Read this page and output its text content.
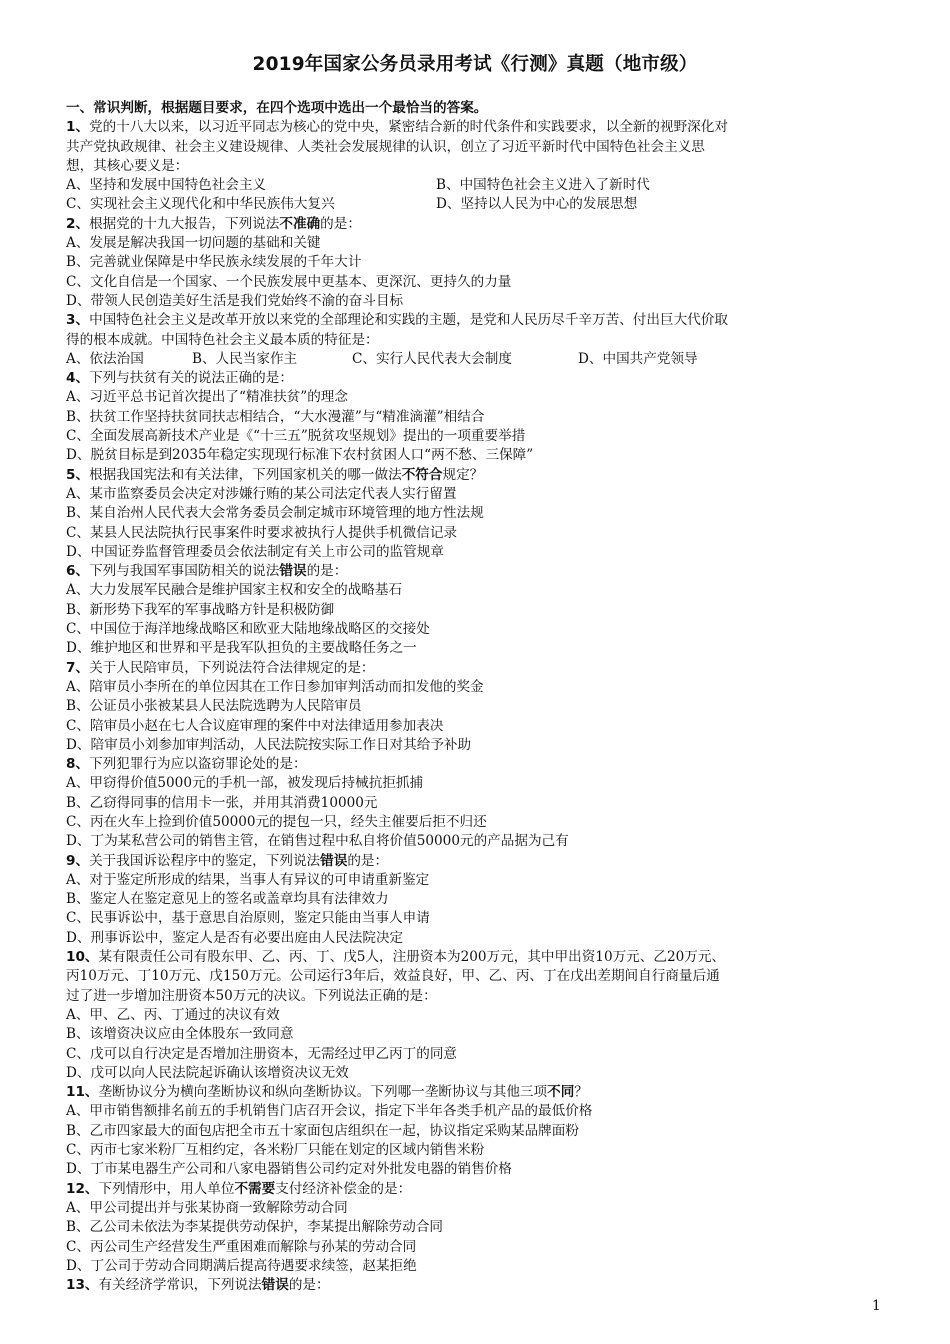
2019年国家公务员录用考试《行测》真题（地市级）
一、常识判断，根据题目要求，在四个选项中选出一个最恰当的答案。
1、党的十八大以来，以习近平同志为核心的党中央，紧密结合新的时代条件和实践要求，以全新的视野深化对
共产党执政规律、社会主义建设规律、人类社会发展规律的认识，创立了习近平新时代中国特色社会主义思
想，其核心要义是：
A、坚持和发展中国特色社会主义	B、中国特色社会主义进入了新时代
C、实现社会主义现代化和中华民族伟大复兴	D、坚持以人民为中心的发展思想
2、根据党的十九大报告，下列说法不准确的是：
A、发展是解决我国一切问题的基础和关键
B、完善就业保障是中华民族永续发展的千年大计
C、文化自信是一个国家、一个民族发展中更基本、更深沉、更持久的力量
D、带领人民创造美好生活是我们党始终不渝的奋斗目标
3、中国特色社会主义是改革开放以来党的全部理论和实践的主题，是党和人民历尽千辛万苦、付出巨大代价取
得的根本成就。中国特色社会主义最本质的特征是：
A、依法治国	B、人民当家作主	C、实行人民代表大会制度	D、中国共产党领导
4、下列与扶贫有关的说法正确的是：
A、习近平总书记首次提出了“精准扶贫”的理念
B、扶贫工作坚持扶贫同扶志相结合，“大水漫灌”与“精准滴灌”相结合
C、全面发展高新技术产业是《“十三五”脱贫攻坚规划》提出的一项重要举措
D、脱贫目标是到2035年稳定实现现行标准下农村贫困人口“两不愁、三保障”
5、根据我国宪法和有关法律，下列国家机关的哪一做法不符合规定？
A、某市监察委员会决定对涉嫌行贿的某公司法定代表人实行留置
B、某自治州人民代表大会常务委员会制定城市环境管理的地方性法规
C、某县人民法院执行民事案件时要求被执行人提供手机微信记录
D、中国证券监督管理委员会依法制定有关上市公司的监管规章
6、下列与我国军事国防相关的说法错误的是：
A、大力发展军民融合是维护国家主权和安全的战略基石
B、新形势下我军的军事战略方针是积极防御
C、中国位于海洋地缘战略区和欧亚大陆地缘战略区的交接处
D、维护地区和世界和平是我军队担负的主要战略任务之一
7、关于人民陪审员，下列说法符合法律规定的是：
A、陪审员小李所在的单位因其在工作日参加审判活动而扣发他的奖金
B、公证员小张被某县人民法院选聘为人民陪审员
C、陪审员小赵在七人合议庭审理的案件中对法律适用参加表决
D、陪审员小刘参加审判活动，人民法院按实际工作日对其给予补助
8、下列犯罪行为应以盗窃罪论处的是：
A、甲窃得价值5000元的手机一部，被发现后持械抗拒抓捕
B、乙窃得同事的信用卡一张，并用其消费10000元
C、丙在火车上捡到价值50000元的提包一只，经失主催要后拒不归还
D、丁为某私营公司的销售主管，在销售过程中私自将价值50000元的产品据为己有
9、关于我国诉讼程序中的鉴定，下列说法错误的是：
A、对于鉴定所形成的结果，当事人有异议的可申请重新鉴定
B、鉴定人在鉴定意见上的签名或盖章均具有法律效力
C、民事诉讼中，基于意思自治原则，鉴定只能由当事人申请
D、刑事诉讼中，鉴定人是否有必要出庭由人民法院决定
10、某有限责任公司有股东甲、乙、丙、丁、戊5人，注册资本为200万元，其中甲出资10万元、乙20万元、
丙10万元、丁10万元、戊150万元。公司运行3年后，效益良好，甲、乙、丙、丁在戊出差期间自行商量后通
过了进一步增加注册资本50万元的决议。下列说法正确的是：
A、甲、乙、丙、丁通过的决议有效
B、该增资决议应由全体股东一致同意
C、戊可以自行决定是否增加注册资本，无需经过甲乙丙丁的同意
D、戊可以向人民法院起诉确认该增资决议无效
11、垄断协议分为横向垄断协议和纵向垄断协议。下列哪一垄断协议与其他三项不同？
A、甲市销售额排名前五的手机销售门店召开会议，指定下半年各类手机产品的最低价格
B、乙市四家最大的面包店把全市五十家面包店组织在一起，协议指定采购某品牌面粉
C、丙市七家米粉厂互相约定，各米粉厂只能在划定的区域内销售米粉
D、丁市某电器生产公司和八家电器销售公司约定对外批发电器的销售价格
12、下列情形中，用人单位不需要支付经济补偿金的是：
A、甲公司提出并与张某协商一致解除劳动合同
B、乙公司未依法为李某提供劳动保护，李某提出解除劳动合同
C、丙公司生产经营发生严重困难而解除与孙某的劳动合同
D、丁公司于劳动合同期满后提高待遇要求续签，赵某拒绝
13、有关经济学常识，下列说法错误的是：
1
